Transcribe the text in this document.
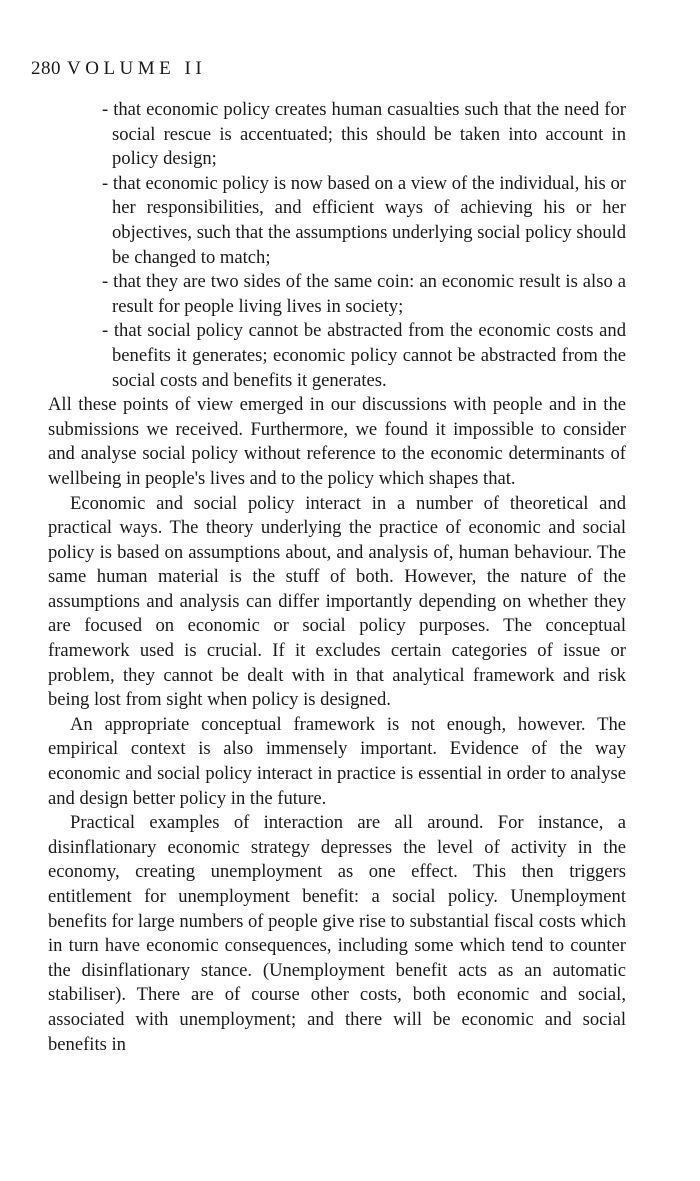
280 VOLUME II

- that economic policy creates human casualties such that the need for social rescue is accentuated; this should be taken into account in policy design;

- that economic policy is now based on a view of the individual, his or her responsibilities, and efficient ways of achieving his or her objectives, such that the assumptions underlying social policy should be changed to match;

- that they are two sides of the same coin: an economic result is also a result for people living lives in society;

- that social policy cannot be abstracted from the economic costs and benefits it generates; economic policy cannot be abstracted from the social costs and benefits it generates.

All these points of view emerged in our discussions with people and in the submissions we received. Furthermore, we found it impossible to consider and analyse social policy without reference to the economic determinants of wellbeing in people's lives and to the policy which shapes that.

Economic and social policy interact in a number of theoretical and practical ways. The theory underlying the practice of economic and social policy is based on assumptions about, and analysis of, human behaviour. The same human material is the stuff of both. However, the nature of the assumptions and analysis can differ importantly depending on whether they are focused on economic or social policy purposes. The conceptual framework used is crucial. If it excludes certain categories of issue or problem, they cannot be dealt with in that analytical framework and risk being lost from sight when policy is designed.

An appropriate conceptual framework is not enough, however. The empirical context is also immensely important. Evidence of the way economic and social policy interact in practice is essential in order to analyse and design better policy in the future.

Practical examples of interaction are all around. For instance, a disinflationary economic strategy depresses the level of activity in the economy, creating unemployment as one effect. This then triggers entitlement for unemployment benefit: a social policy. Unemployment benefits for large numbers of people give rise to substantial fiscal costs which in turn have economic consequences, including some which tend to counter the disinflationary stance. (Unemployment benefit acts as an automatic stabiliser). There are of course other costs, both economic and social, associated with unemployment; and there will be economic and social benefits in
